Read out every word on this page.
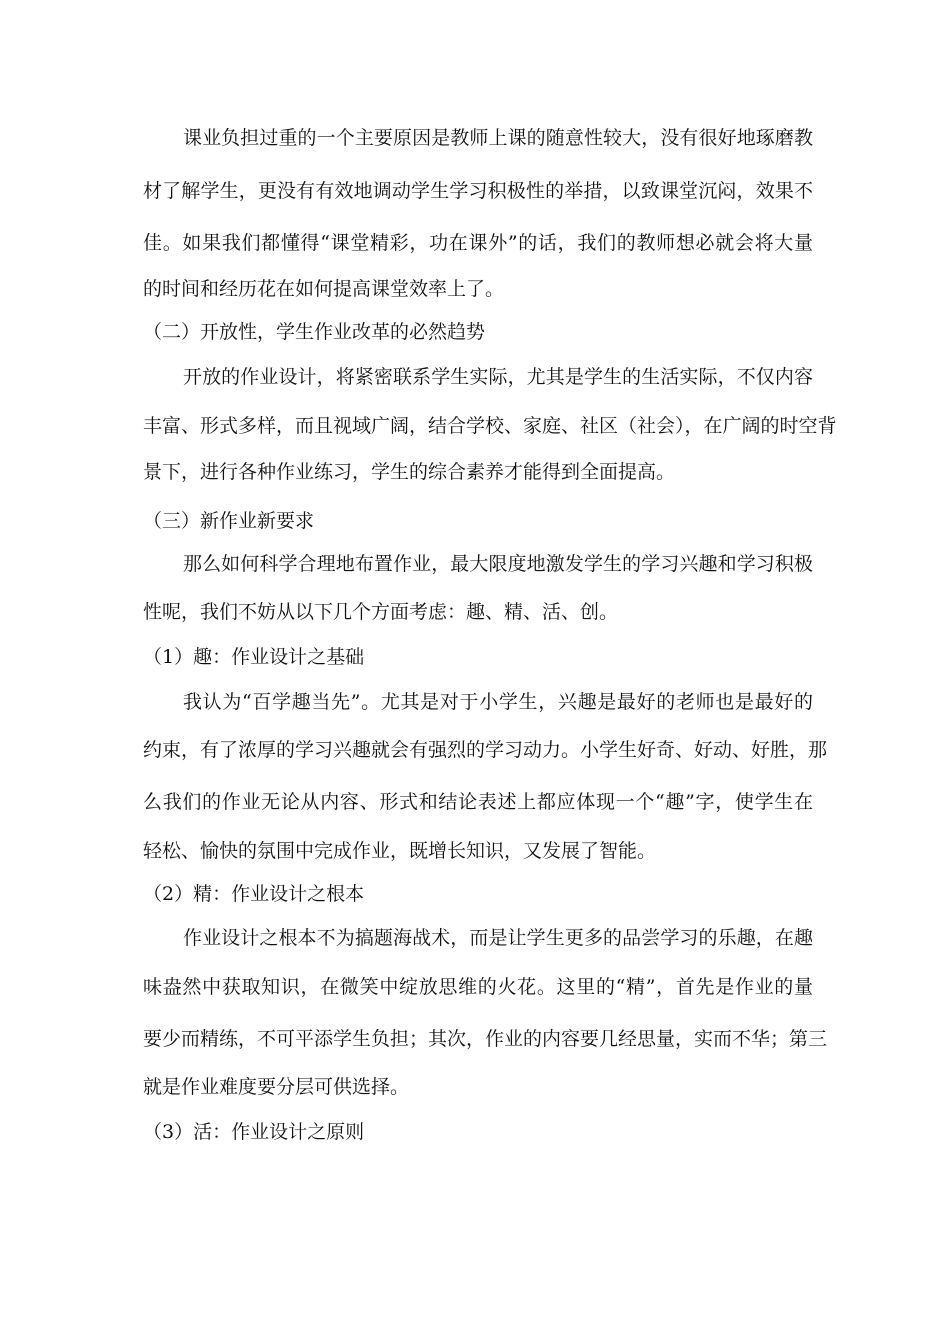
课业负担过重的一个主要原因是教师上课的随意性较大，没有很好地琢磨教
材了解学生，更没有有效地调动学生学习积极性的举措，以致课堂沉闷，效果不
佳。如果我们都懂得“课堂精彩，功在课外”的话，我们的教师想必就会将大量
的时间和经历花在如何提高课堂效率上了。
（二）开放性，学生作业改革的必然趋势
开放的作业设计，将紧密联系学生实际，尤其是学生的生活实际，不仅内容
丰富、形式多样，而且视域广阔，结合学校、家庭、社区（社会），在广阔的时空背
景下，进行各种作业练习，学生的综合素养才能得到全面提高。
（三）新作业新要求
那么如何科学合理地布置作业，最大限度地激发学生的学习兴趣和学习积极
性呢，我们不妨从以下几个方面考虑：趣、精、活、创。
（1）趣：作业设计之基础
我认为“百学趣当先”。尤其是对于小学生，兴趣是最好的老师也是最好的
约束，有了浓厚的学习兴趣就会有强烈的学习动力。小学生好奇、好动、好胜，那
么我们的作业无论从内容、形式和结论表述上都应体现一个“趣”字，使学生在
轻松、愉快的氛围中完成作业，既增长知识，又发展了智能。
（2）精：作业设计之根本
作业设计之根本不为搞题海战术，而是让学生更多的品尝学习的乐趣，在趣
味盎然中获取知识，在微笑中绽放思维的火花。这里的“精”，首先是作业的量
要少而精练，不可平添学生负担；其次，作业的内容要几经思量，实而不华；第三
就是作业难度要分层可供选择。
（3）活：作业设计之原则
